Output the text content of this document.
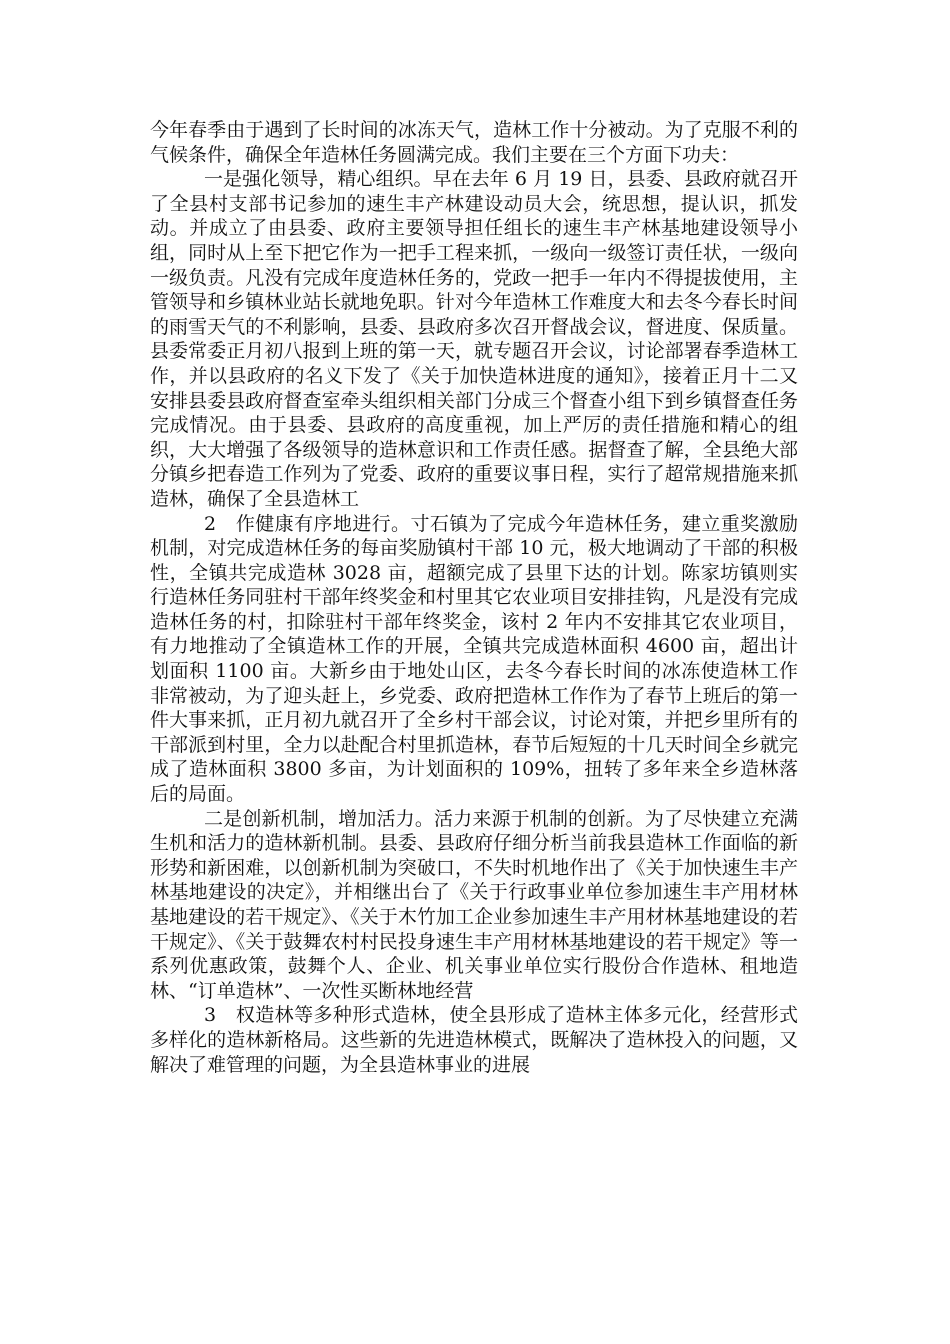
今年春季由于遇到了长时间的冰冻天气，造林工作十分被动。为了克服不利的气候条件，确保全年造林任务圆满完成。我们主要在三个方面下功夫：

一是强化领导，精心组织。早在去年 6 月 19 日，县委、县政府就召开了全县村支部书记参加的速生丰产林建设动员大会，统思想，提认识，抓发动。并成立了由县委、政府主要领导担任组长的速生丰产林基地建设领导小组，同时从上至下把它作为一把手工程来抓，一级向一级签订责任状，一级向一级负责。凡没有完成年度造林任务的，党政一把手一年内不得提拔使用，主管领导和乡镇林业站长就地免职。针对今年造林工作难度大和去冬今春长时间的雨雪天气的不利影响，县委、县政府多次召开督战会议，督进度、保质量。县委常委正月初八报到上班的第一天，就专题召开会议，讨论部署春季造林工作，并以县政府的名义下发了《关于加快造林进度的通知》，接着正月十二又安排县委县政府督查室牵头组织相关部门分成三个督查小组下到乡镇督查任务完成情况。由于县委、县政府的高度重视，加上严厉的责任措施和精心的组织，大大增强了各级领导的造林意识和工作责任感。据督查了解，全县绝大部分镇乡把春造工作列为了党委、政府的重要议事日程，实行了超常规措施来抓造林，确保了全县造林工

2　作健康有序地进行。寸石镇为了完成今年造林任务，建立重奖激励机制，对完成造林任务的每亩奖励镇村干部 10 元，极大地调动了干部的积极性，全镇共完成造林 3028 亩，超额完成了县里下达的计划。陈家坊镇则实行造林任务同驻村干部年终奖金和村里其它农业项目安排挂钩，凡是没有完成造林任务的村，扣除驻村干部年终奖金，该村 2 年内不安排其它农业项目，有力地推动了全镇造林工作的开展，全镇共完成造林面积 4600 亩，超出计划面积 1100 亩。大新乡由于地处山区，去冬今春长时间的冰冻使造林工作非常被动，为了迎头赶上，乡党委、政府把造林工作作为了春节上班后的第一件大事来抓，正月初九就召开了全乡村干部会议，讨论对策，并把乡里所有的干部派到村里，全力以赴配合村里抓造林，春节后短短的十几天时间全乡就完成了造林面积 3800 多亩，为计划面积的 109%，扭转了多年来全乡造林落后的局面。

二是创新机制，增加活力。活力来源于机制的创新。为了尽快建立充满生机和活力的造林新机制。县委、县政府仔细分析当前我县造林工作面临的新形势和新困难，以创新机制为突破口，不失时机地作出了《关于加快速生丰产林基地建设的决定》，并相继出台了《关于行政事业单位参加速生丰产用材林基地建设的若干规定》、《关于木竹加工企业参加速生丰产用材林基地建设的若干规定》、《关于鼓舞农村村民投身速生丰产用材林基地建设的若干规定》等一系列优惠政策，鼓舞个人、企业、机关事业单位实行股份合作造林、租地造林、“订单造林”、一次性买断林地经营

3　权造林等多种形式造林，使全县形成了造林主体多元化，经营形式多样化的造林新格局。这些新的先进造林模式，既解决了造林投入的问题，又解决了难管理的问题，为全县造林事业的进展
